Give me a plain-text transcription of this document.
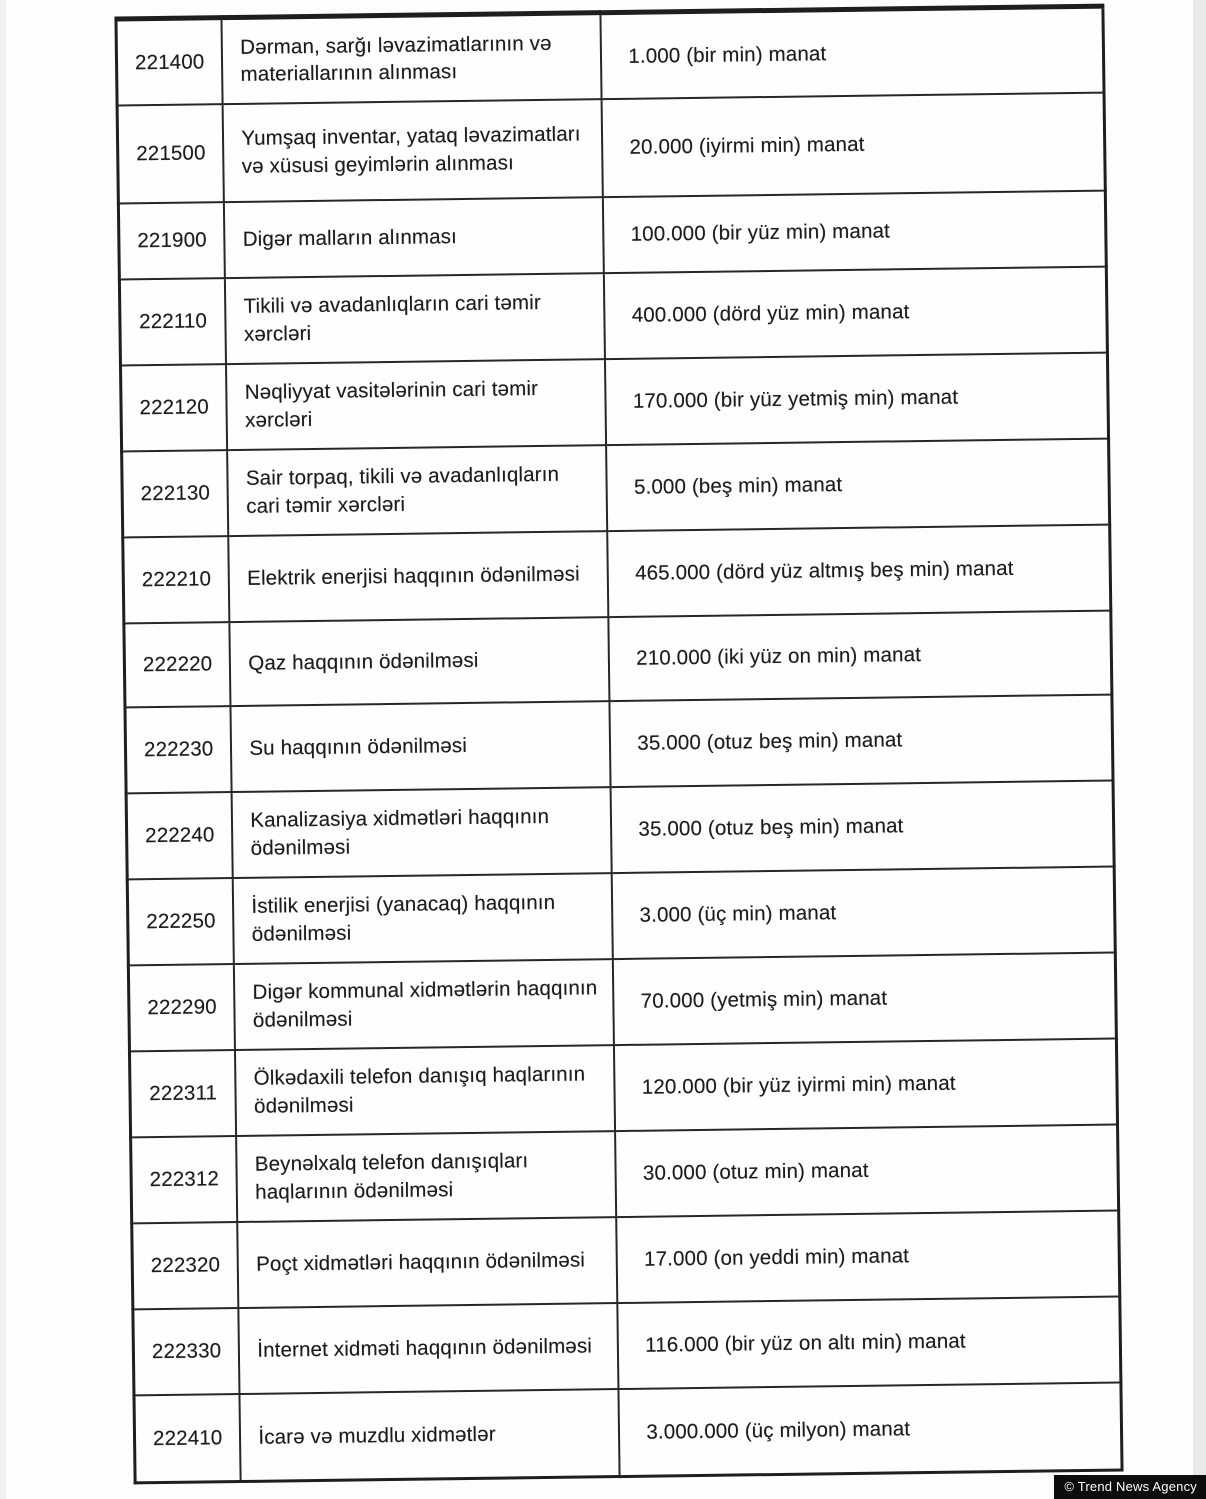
221400	Dərman, sarğı ləvazimatlarının və materiallarının alınması	1.000 (bir min) manat
221500	Yumşaq inventar, yataq ləvazimatları və xüsusi geyimlərin alınması	20.000 (iyirmi min) manat
221900	Digər malların alınması	100.000 (bir yüz min) manat
222110	Tikili və avadanlıqların cari təmir xərcləri	400.000 (dörd yüz min) manat
222120	Nəqliyyat vasitələrinin cari təmir xərcləri	170.000 (bir yüz yetmiş min) manat
222130	Sair torpaq, tikili və avadanlıqların cari təmir xərcləri	5.000 (beş min) manat
222210	Elektrik enerjisi haqqının ödənilməsi	465.000 (dörd yüz altmış beş min) manat
222220	Qaz haqqının ödənilməsi	210.000 (iki yüz on min) manat
222230	Su haqqının ödənilməsi	35.000 (otuz beş min) manat
222240	Kanalizasiya xidmətləri haqqının ödənilməsi	35.000 (otuz beş min) manat
222250	İstilik enerjisi (yanacaq) haqqının ödənilməsi	3.000 (üç min) manat
222290	Digər kommunal xidmətlərin haqqının ödənilməsi	70.000 (yetmiş min) manat
222311	Ölkədaxili telefon danışıq haqlarının ödənilməsi	120.000 (bir yüz iyirmi min) manat
222312	Beynəlxalq telefon danışıqları haqlarının ödənilməsi	30.000 (otuz min) manat
222320	Poçt xidmətləri haqqının ödənilməsi	17.000 (on yeddi min) manat
222330	İnternet xidməti haqqının ödənilməsi	116.000 (bir yüz on altı min) manat
222410	İcarə və muzdlu xidmətlər	3.000.000 (üç milyon) manat
© Trend News Agency
